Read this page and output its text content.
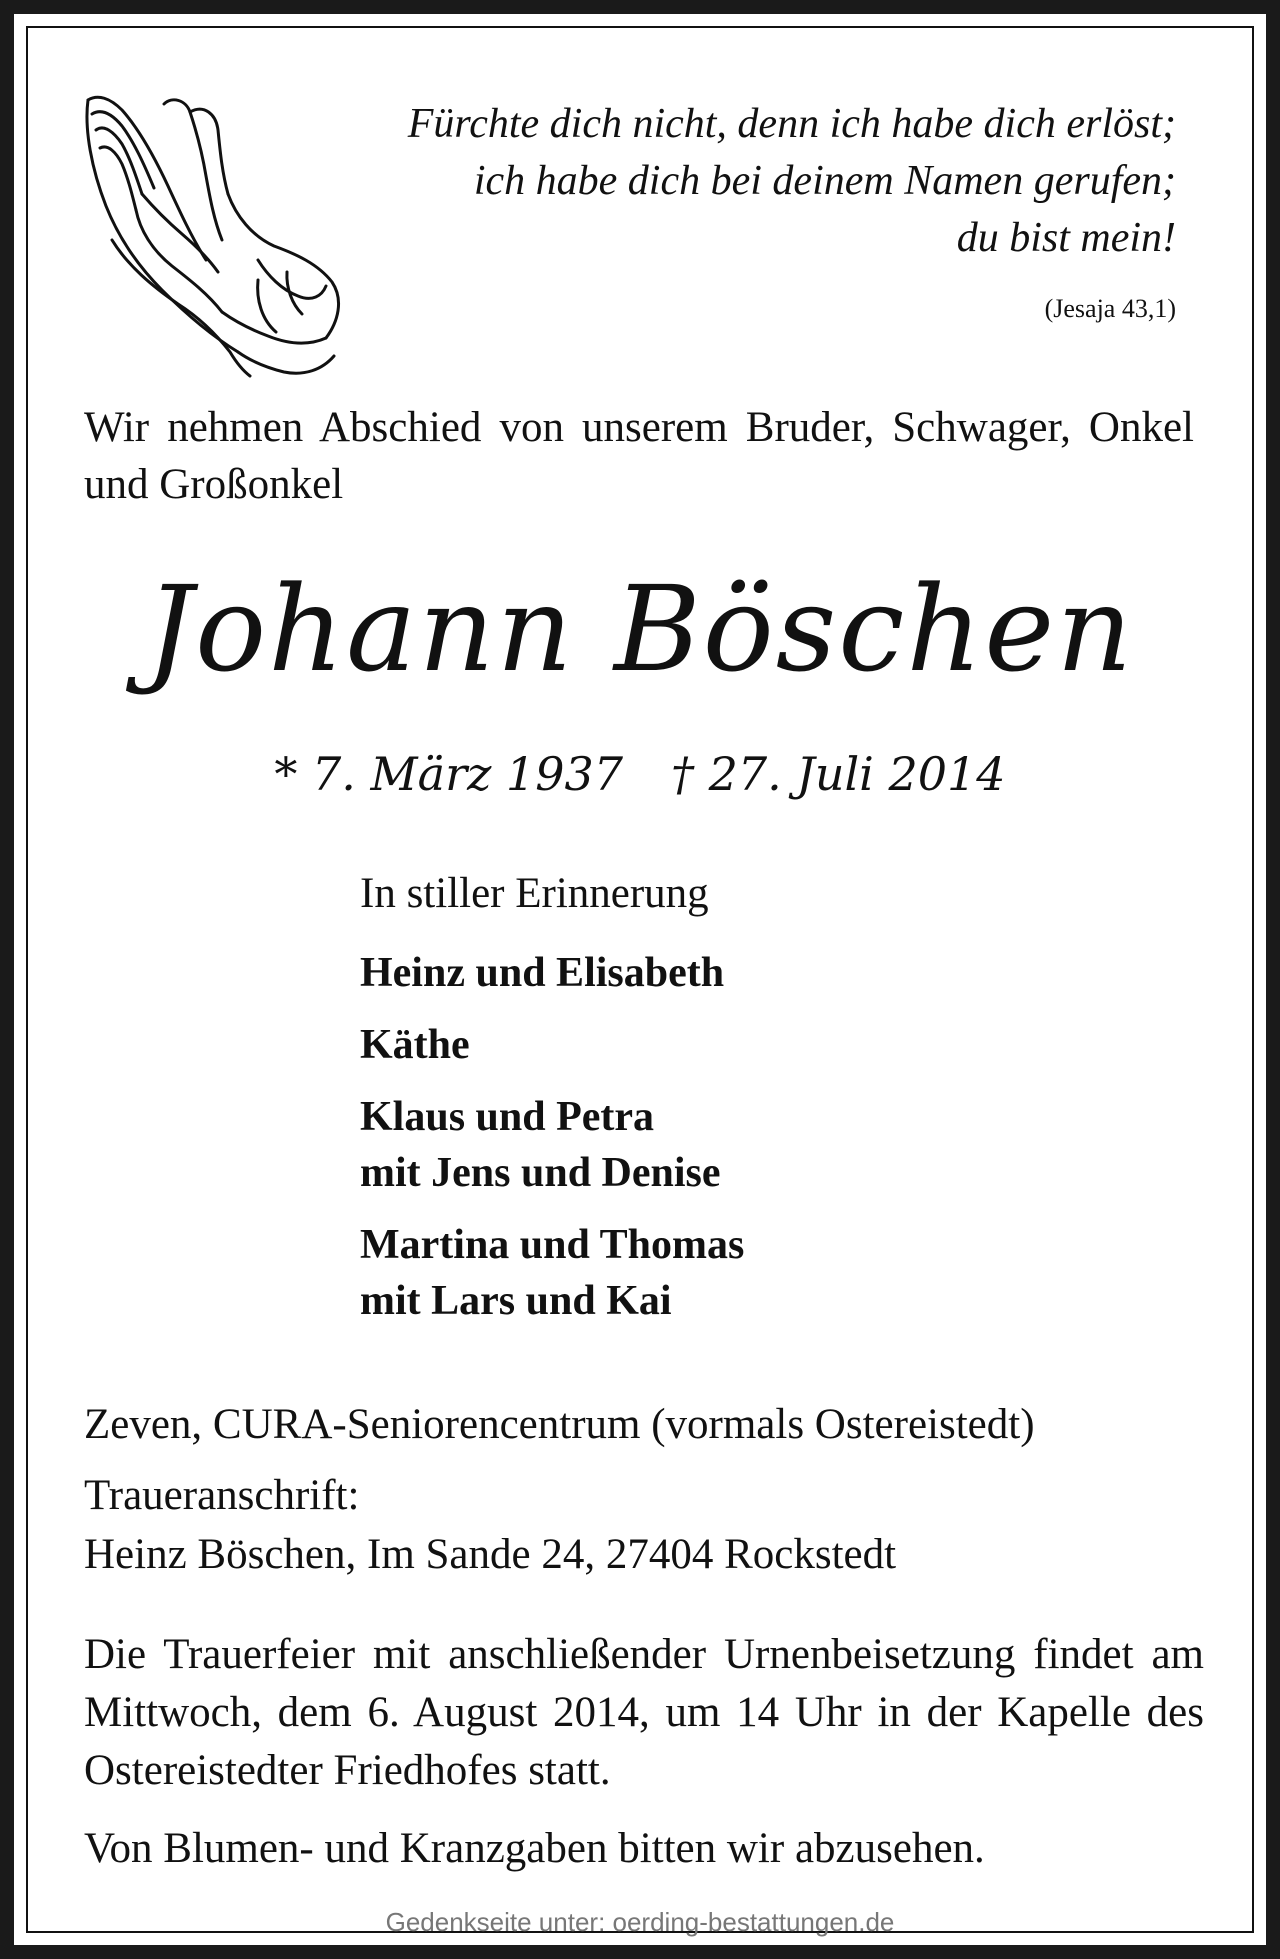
Fürchte dich nicht, denn ich habe dich erlöst;
ich habe dich bei deinem Namen gerufen;
du bist mein!
(Jesaja 43,1)
Wir nehmen Abschied von unserem Bruder, Schwager, Onkel und Großonkel
Johann Böschen
* 7. März 1937 † 27. Juli 2014
In stiller Erinnerung
Heinz und Elisabeth
Käthe
Klaus und Petra
mit Jens und Denise
Martina und Thomas
mit Lars und Kai
Zeven, CURA-Seniorencentrum (vormals Ostereistedt)
Traueranschrift:
Heinz Böschen, Im Sande 24, 27404 Rockstedt
Die Trauerfeier mit anschließender Urnenbeisetzung findet am Mittwoch, dem 6. August 2014, um 14 Uhr in der Kapelle des Ostereistedter Friedhofes statt.
Von Blumen- und Kranzgaben bitten wir abzusehen.
Gedenkseite unter: oerding-bestattungen.de
